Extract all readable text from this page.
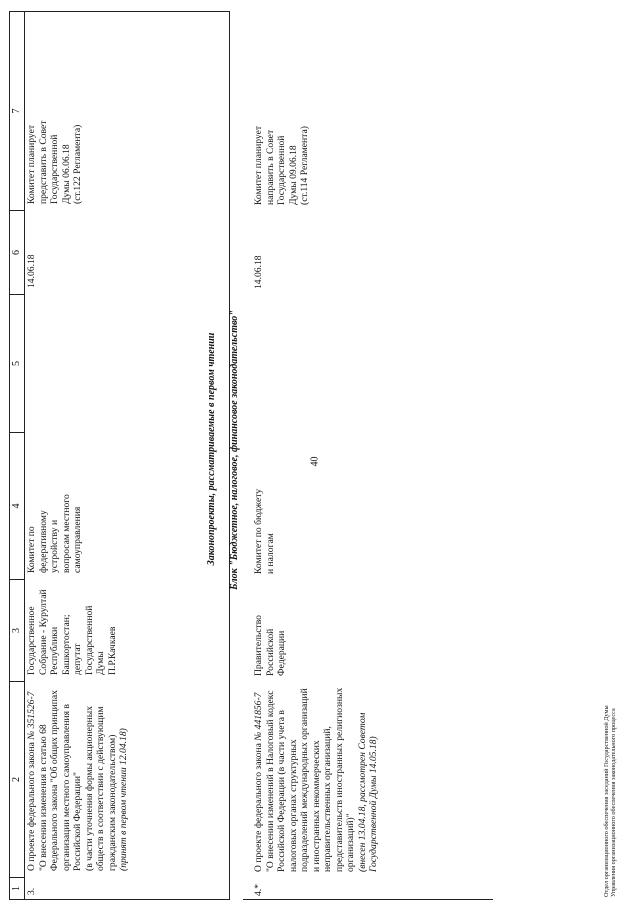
40
1
2
3
4
5
6
7
3.
О проекте федерального закона № 351526-7
"О внесении изменения в статью 68
Федерального закона "Об общих принципах
организации местного самоуправления в
Российской Федерации"
(в части уточнения формы акционерных
обществ в соответствии с действующим
гражданским законодательством)
(принят в первом чтении 12.04.18)
Государственное
Собрание - Курултай
Республики
Башкортостан;
депутат
Государственной
Думы
П.Р.Качкаев
Комитет по
федеративному
устройству и
вопросам местного
самоуправления
14.06.18
Комитет планирует
представить в Совет
Государственной
Думы 06.06.18
(ст.122 Регламента)
Законопроекты, рассматриваемые в первом чтении Блок "Бюджетное, налоговое, финансовое законодательство"
4.*
О проекте федерального закона № 441856-7
"О внесении изменений в Налоговый кодекс
Российской Федерации (в части учета в
налоговых органах структурных
подразделений международных организаций
и иностранных некоммерческих
неправительственных организаций,
представительств иностранных религиозных
организаций)"
(внесен 13.04.18, рассмотрен Советом
Государственной Думы 14.05.18)
Правительство
Российской
Федерации
Комитет по бюджету
и налогам
14.06.18
Комитет планирует
направить в Совет
Государственной
Думы 09.06.18
(ст.114 Регламента)
Отдел организационного обеспечения заседаний Государственной Думы
Управления организационного обеспечения законодательного процесса
